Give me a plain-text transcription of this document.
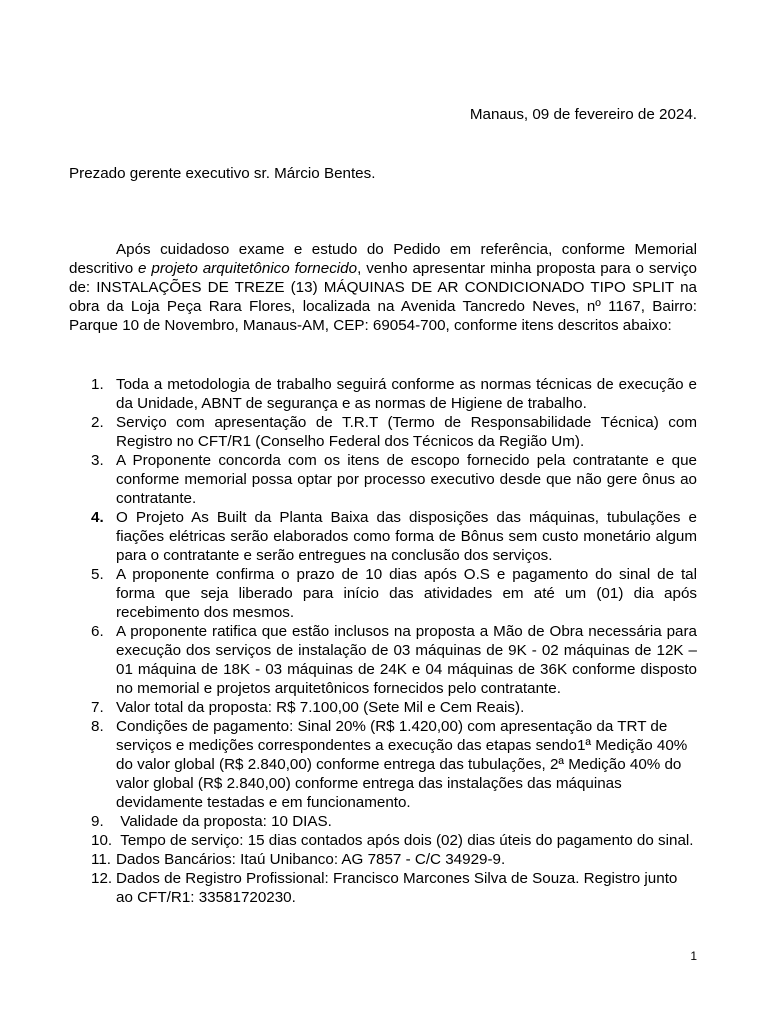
Manaus, 09 de fevereiro de 2024.
Prezado gerente executivo sr. Márcio Bentes.

Após cuidadoso exame e estudo do Pedido em referência, conforme Memorial descritivo e projeto arquitetônico fornecido, venho apresentar minha proposta para o serviço de: INSTALAÇÕES DE TREZE (13) MÁQUINAS DE AR CONDICIONADO TIPO SPLIT na obra da Loja Peça Rara Flores, localizada na Avenida Tancredo Neves, nº 1167, Bairro: Parque 10 de Novembro, Manaus-AM, CEP: 69054-700, conforme itens descritos abaixo:

1. Toda a metodologia de trabalho seguirá conforme as normas técnicas de execução e da Unidade, ABNT de segurança e as normas de Higiene de trabalho.
2. Serviço com apresentação de T.R.T (Termo de Responsabilidade Técnica) com Registro no CFT/R1 (Conselho Federal dos Técnicos da Região Um).
3. A Proponente concorda com os itens de escopo fornecido pela contratante e que conforme memorial possa optar por processo executivo desde que não gere ônus ao contratante.
4. O Projeto As Built da Planta Baixa das disposições das máquinas, tubulações e fiações elétricas serão elaborados como forma de Bônus sem custo monetário algum para o contratante e serão entregues na conclusão dos serviços.
5. A proponente confirma o prazo de 10 dias após O.S e pagamento do sinal de tal forma que seja liberado para início das atividades em até um (01) dia após recebimento dos mesmos.
6. A proponente ratifica que estão inclusos na proposta a Mão de Obra necessária para execução dos serviços de instalação de 03 máquinas de 9K - 02 máquinas de 12K – 01 máquina de 18K - 03 máquinas de 24K e 04 máquinas de 36K conforme disposto no memorial e projetos arquitetônicos fornecidos pelo contratante.
7. Valor total da proposta: R$ 7.100,00 (Sete Mil e Cem Reais).
8. Condições de pagamento: Sinal 20% (R$ 1.420,00) com apresentação da TRT de serviços e medições correspondentes a execução das etapas sendo1ª Medição 40% do valor global (R$ 2.840,00) conforme entrega das tubulações, 2ª Medição 40% do valor global (R$ 2.840,00) conforme entrega das instalações das máquinas devidamente testadas e em funcionamento.
9. Validade da proposta: 10 DIAS.
10. Tempo de serviço: 15 dias contados após dois (02) dias úteis do pagamento do sinal.
11. Dados Bancários: Itaú Unibanco: AG 7857 - C/C 34929-9.
12. Dados de Registro Profissional: Francisco Marcones Silva de Souza. Registro junto ao CFT/R1: 33581720230.
1
